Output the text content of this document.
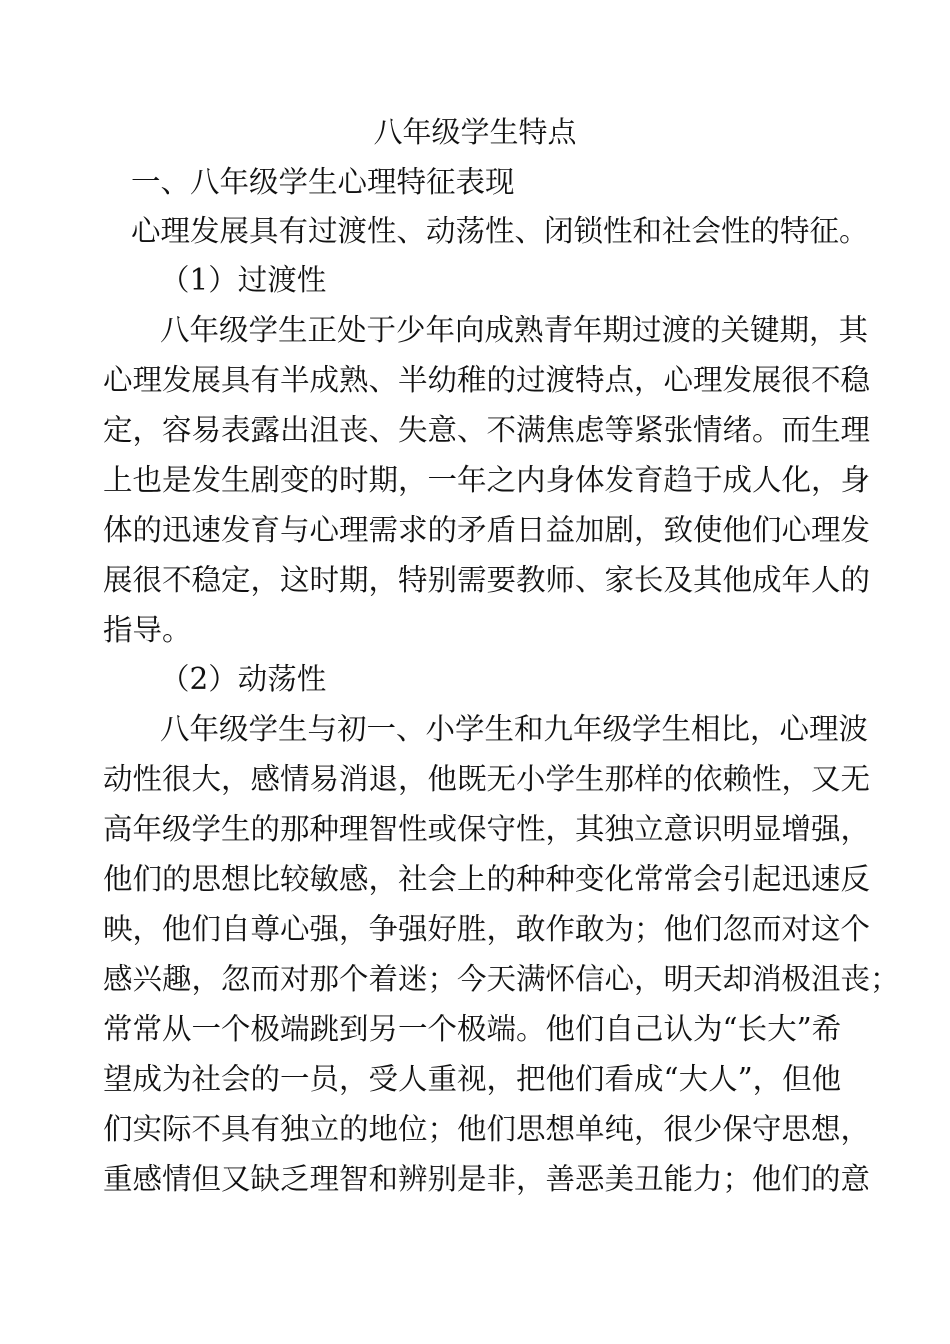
八年级学生特点
一、八年级学生心理特征表现
心理发展具有过渡性、动荡性、闭锁性和社会性的特征。
（1）过渡性
八年级学生正处于少年向成熟青年期过渡的关键期，其
心理发展具有半成熟、半幼稚的过渡特点，心理发展很不稳
定，容易表露出沮丧、失意、不满焦虑等紧张情绪。而生理
上也是发生剧变的时期，一年之内身体发育趋于成人化，身
体的迅速发育与心理需求的矛盾日益加剧，致使他们心理发
展很不稳定，这时期，特别需要教师、家长及其他成年人的
指导。
（2）动荡性
八年级学生与初一、小学生和九年级学生相比，心理波
动性很大，感情易消退，他既无小学生那样的依赖性，又无
高年级学生的那种理智性或保守性，其独立意识明显增强，
他们的思想比较敏感，社会上的种种变化常常会引起迅速反
映，他们自尊心强，争强好胜，敢作敢为；他们忽而对这个
感兴趣，忽而对那个着迷；今天满怀信心，明天却消极沮丧；
常常从一个极端跳到另一个极端。他们自己认为“长大”希
望成为社会的一员，受人重视，把他们看成“大人”，但他
们实际不具有独立的地位；他们思想单纯，很少保守思想，
重感情但又缺乏理智和辨别是非，善恶美丑能力；他们的意
